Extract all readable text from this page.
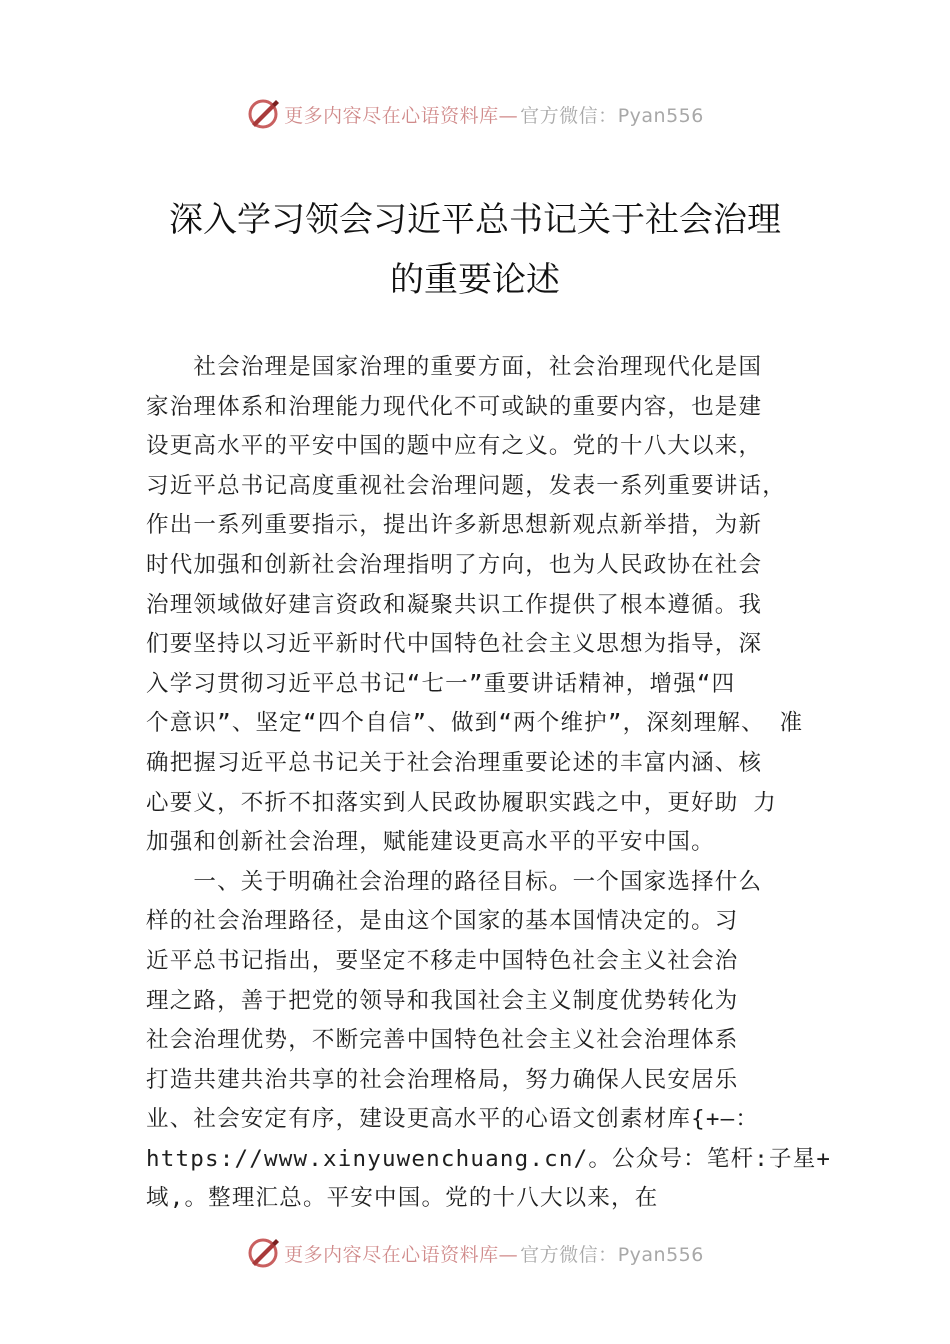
更多内容尽在心语资料库— 官方微信：Pyan556
深入学习领会习近平总书记关于社会治理
的重要论述
　　社会治理是国家治理的重要方面，社会治理现代化是国
家治理体系和治理能力现代化不可或缺的重要内容，也是建
设更高水平的平安中国的题中应有之义。党的十八大以来，
习近平总书记高度重视社会治理问题，发表一系列重要讲话，
作出一系列重要指示，提出许多新思想新观点新举措，为新
时代加强和创新社会治理指明了方向，也为人民政协在社会
治理领域做好建言资政和凝聚共识工作提供了根本遵循。我
们要坚持以习近平新时代中国特色社会主义思想为指导，深
入学习贯彻习近平总书记“七一”重要讲话精神，增强“四
个意识”、坚定“四个自信”、做到“两个维护”，深刻理解、 准
确把握习近平总书记关于社会治理重要论述的丰富内涵、核
心要义，不折不扣落实到人民政协履职实践之中，更好助 力
加强和创新社会治理，赋能建设更高水平的平安中国。
　　一、关于明确社会治理的路径目标。一个国家选择什么
样的社会治理路径，是由这个国家的基本国情决定的。习
近平总书记指出，要坚定不移走中国特色社会主义社会治
理之路，善于把党的领导和我国社会主义制度优势转化为
社会治理优势，不断完善中国特色社会主义社会治理体系
打造共建共治共享的社会治理格局，努力确保人民安居乐
业、社会安定有序，建设更高水平的心语文创素材库{+—：
https://www.xinyuwenchuang.cn/。公众号：笔杆:子星+
域,。整理汇总。平安中国。党的十八大以来，在
更多内容尽在心语资料库— 官方微信：Pyan556
